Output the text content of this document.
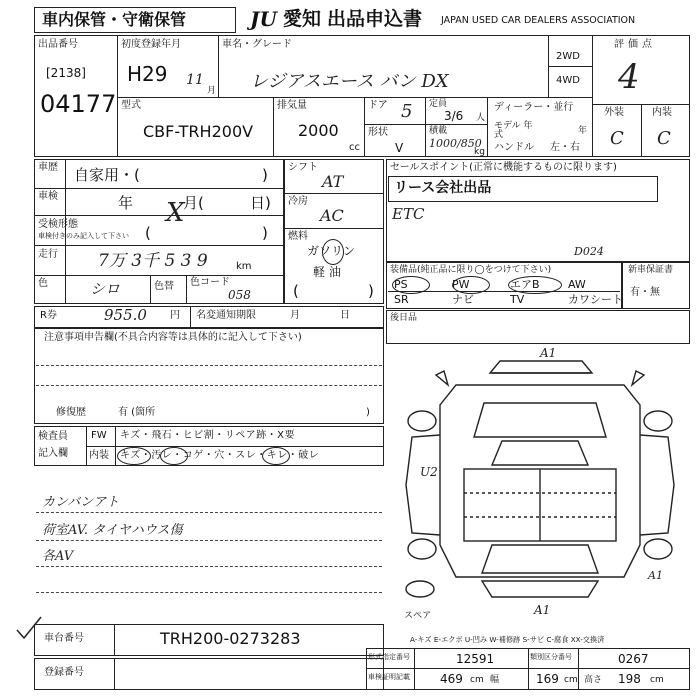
車内保管・守衛保管	JU 愛知 出品申込書 JAPAN USED CAR DEALERS ASSOCIATION
出品番号
[2138]
04177
初度登録年月
H29 11
月
車名・グレード
レジアスエース バン DX
2WD
4WD
評価点
4
外装	内装
C C
型式
CBF-TRH200V
排気量
2000
cc
ドア 5
形状
V
定員
3/6 人
積載
1000/850
kg
ディーラー・並行
モデル 年式	年
ハンドル 左・右
車歴 自家用・(	)
車検	年	月(	日)
X
受検形態
車検付きのみ記入して下さい (	)
走行 7万 3千 5 3 9	km
色	シロ	色替 色コード
058
シフト
AT
冷房
AC
燃料
ガソリン
軽 油
(	)
セールスポイント(正常に機能するものに限ります)
リース会社出品
ETC
装備品(純正品に限り◯をつけて下さい)
D024
PS	PW	エアB	AW
SR	ナビ	TV	カワシート
新車保証書
有・無
R券	955.0 円 名変通知期限	月	日	後日品
注意事項申告欄(不具合内容等は具体的に記入して下さい)
修復歴	有 (箇所	)
検査員
記入欄
FW キズ・飛石・ヒビ割・リペア跡・X要
内装 キズ・汚レ・コゲ・穴・スレ・キレ・破レ
カンバンアト
荷室AV. タイヤハウス傷
各AV
A1
U2
A1
A1
スペア
A-キズ E-エクボ U-凹み W-補修跡 S-サビ C-腐食 XX-交換済
車台番号	TRH200-0273283
登録番号
形式指定番号	12591	類別区分番号	0267
車検証明記載	469 cm 幅	169 cm 高さ 198 cm
